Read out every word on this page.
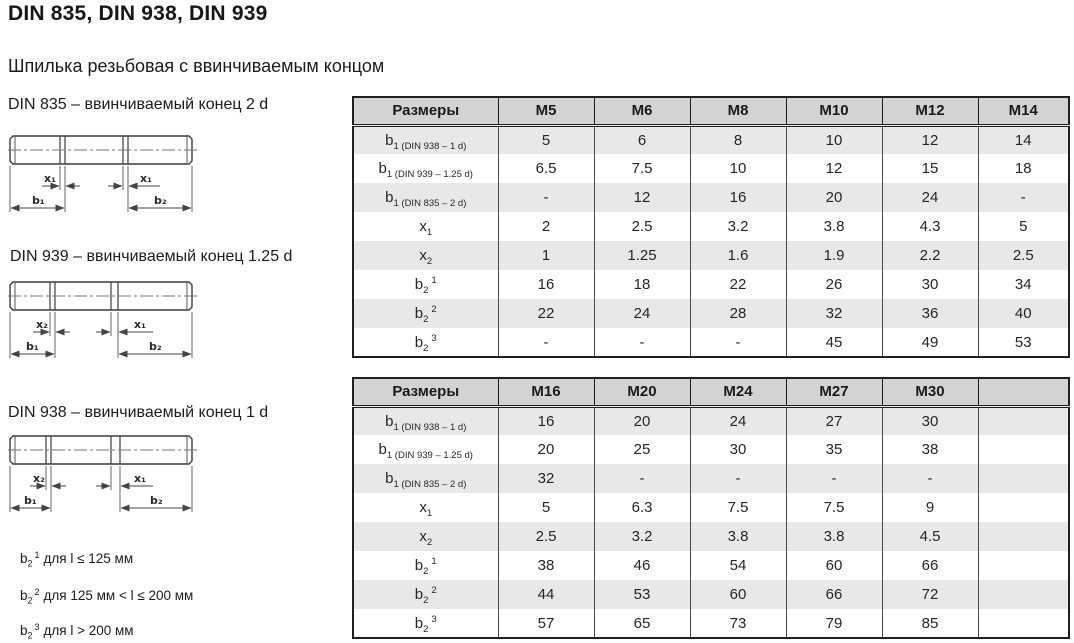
DIN 835, DIN 938, DIN 939
Шпилька резьбовая с ввинчиваемым концом
DIN 835 – ввинчиваемый конец 2 d
x₁	x₁
b₁	b₂
DIN 939 – ввинчиваемый конец 1.25 d
x₂	x₁
b₁	b₂
DIN 938 – ввинчиваемый конец 1 d
x₂	x₁
b₁	b₂
Размеры	M5	M6	M8	M10	M12	M14
$b_{1 (DIN 938 - 1 d)}$	5	6	8	10	12	14
$b_{1 (DIN 939 - 1.25 d)}$	6.5	7.5	10	12	15	18
$b_{1 (DIN 835 - 2 d)}$	-	12	16	20	24	-
$x_1$	2	2.5	3.2	3.8	4.3	5
$x_2$	1	1.25	1.6	1.9	2.2	2.5
$b_2^1$	16	18	22	26	30	34
$b_2^2$	22	24	28	32	36	40
$b_2^3$	-	-	-	45	49	53
Размеры	M16	M20	M24	M27	M30	
$b_{1 (DIN 938 - 1 d)}$	16	20	24	27	30	
$b_{1 (DIN 939 - 1.25 d)}$	20	25	30	35	38	
$b_{1 (DIN 835 - 2 d)}$	32	-	-	-	-	
$x_1$	5	6.3	7.5	7.5	9	
$x_2$	2.5	3.2	3.8	3.8	4.5	
$b_2^1$	38	46	54	60	66	
$b_2^2$	44	53	60	66	72	
$b_2^3$	57	65	73	79	85	
$b_2^1$ для l ≤ 125 мм
$b_2^2$ для 125 мм < l ≤ 200 мм
$b_2^3$ для l > 200 мм
